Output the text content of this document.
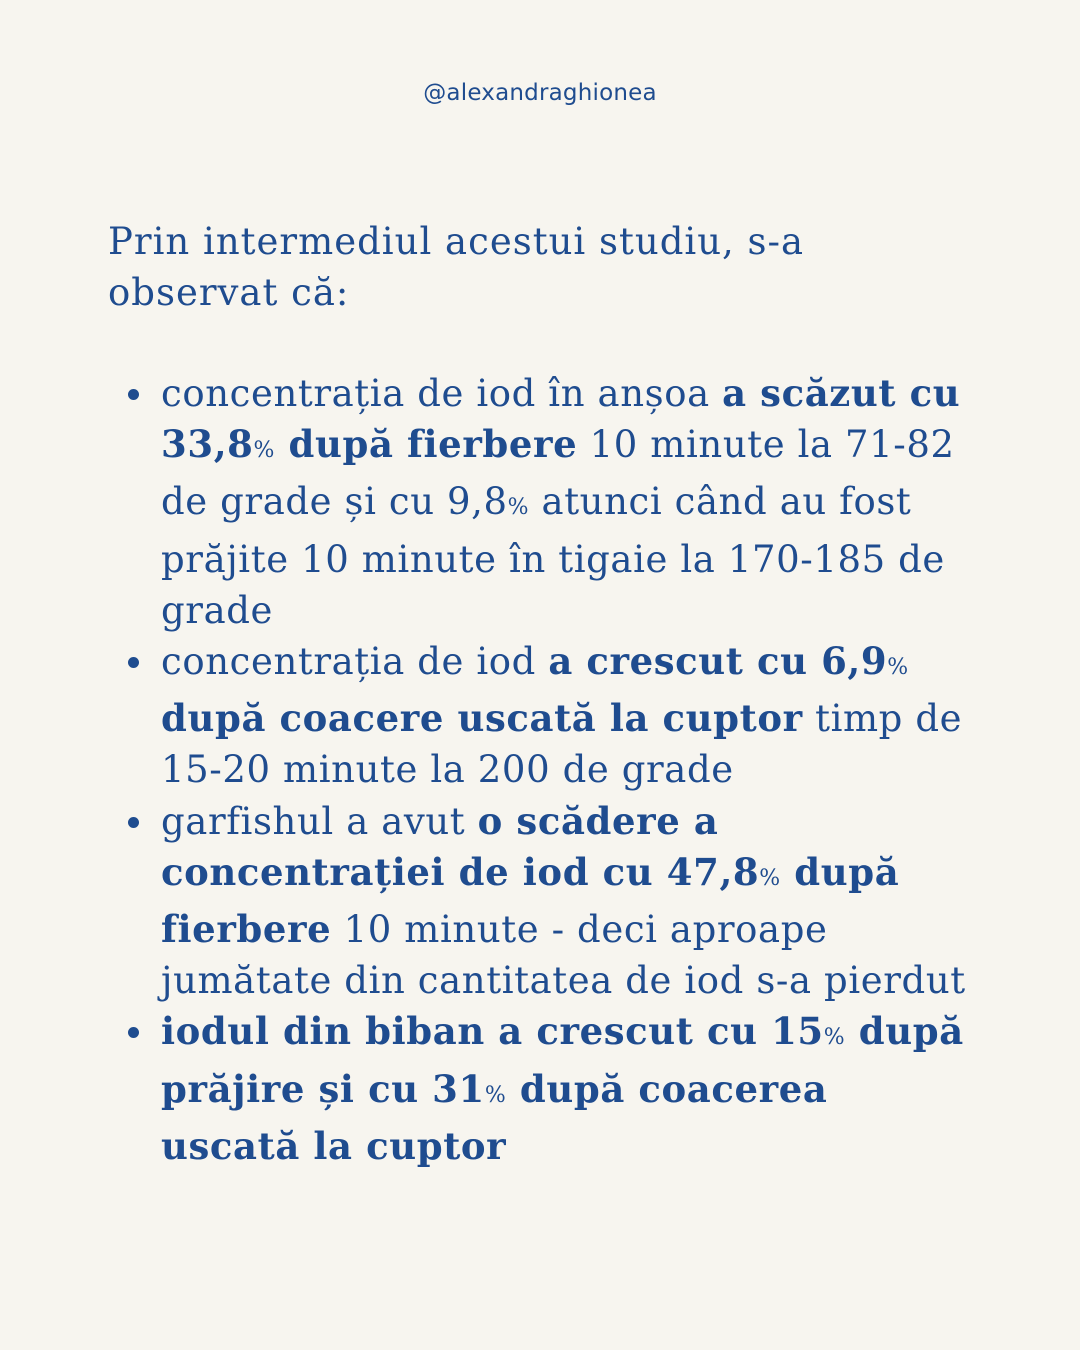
@alexandraghionea

Prin intermediul acestui studiu, s-a observat că:

concentrația de iod în anșoa a scăzut cu 33,8% după fierbere 10 minute la 71-82 de grade și cu 9,8% atunci când au fost prăjite 10 minute în tigaie la 170-185 de grade
concentrația de iod a crescut cu 6,9% după coacere uscată la cuptor timp de 15-20 minute la 200 de grade
garfishul a avut o scădere a concentrației de iod cu 47,8% după fierbere 10 minute - deci aproape jumătate din cantitatea de iod s-a pierdut
iodul din biban a crescut cu 15% după prăjire și cu 31% după coacerea uscată la cuptor
